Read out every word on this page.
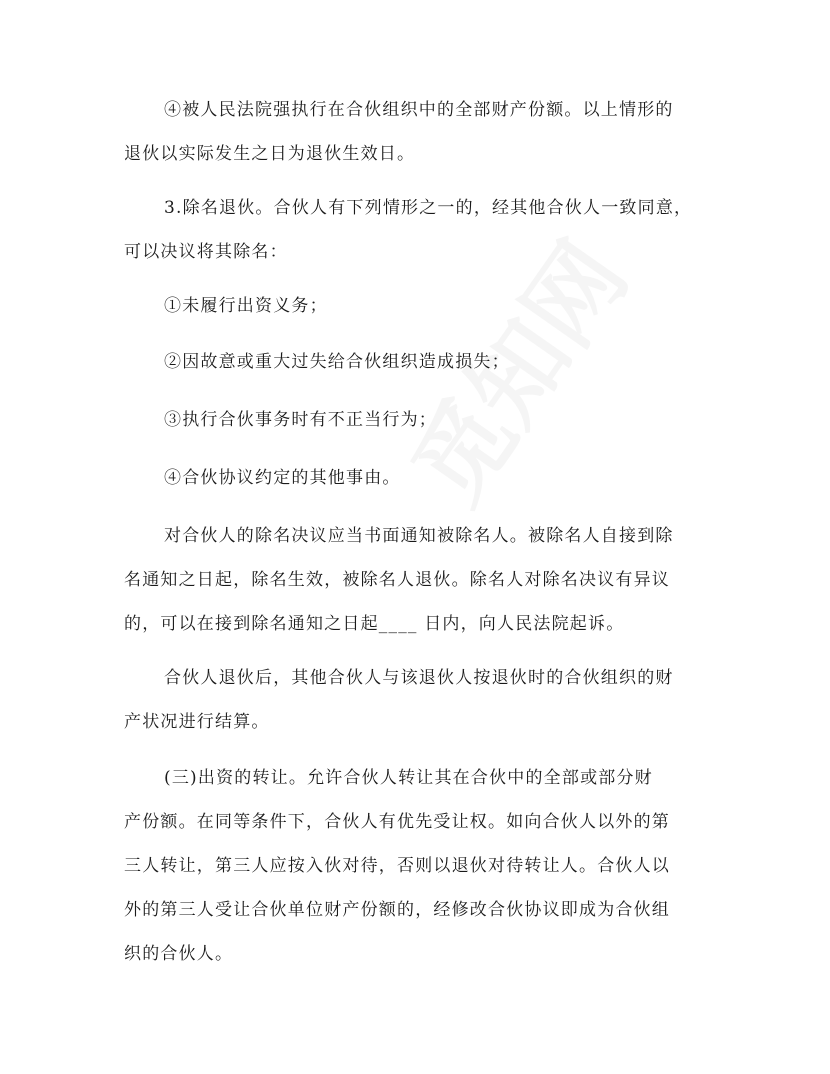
④被人民法院强执行在合伙组织中的全部财产份额。以上情形的
退伙以实际发生之日为退伙生效日。

3.除名退伙。合伙人有下列情形之一的，经其他合伙人一致同意，
可以决议将其除名：

①未履行出资义务；

②因故意或重大过失给合伙组织造成损失；

③执行合伙事务时有不正当行为；

④合伙协议约定的其他事由。

对合伙人的除名决议应当书面通知被除名人。被除名人自接到除
名通知之日起，除名生效，被除名人退伙。除名人对除名决议有异议
的，可以在接到除名通知之日起____ 日内，向人民法院起诉。

合伙人退伙后，其他合伙人与该退伙人按退伙时的合伙组织的财
产状况进行结算。

(三)出资的转让。允许合伙人转让其在合伙中的全部或部分财
产份额。在同等条件下，合伙人有优先受让权。如向合伙人以外的第
三人转让，第三人应按入伙对待，否则以退伙对待转让人。合伙人以
外的第三人受让合伙单位财产份额的，经修改合伙协议即成为合伙组
织的合伙人。
